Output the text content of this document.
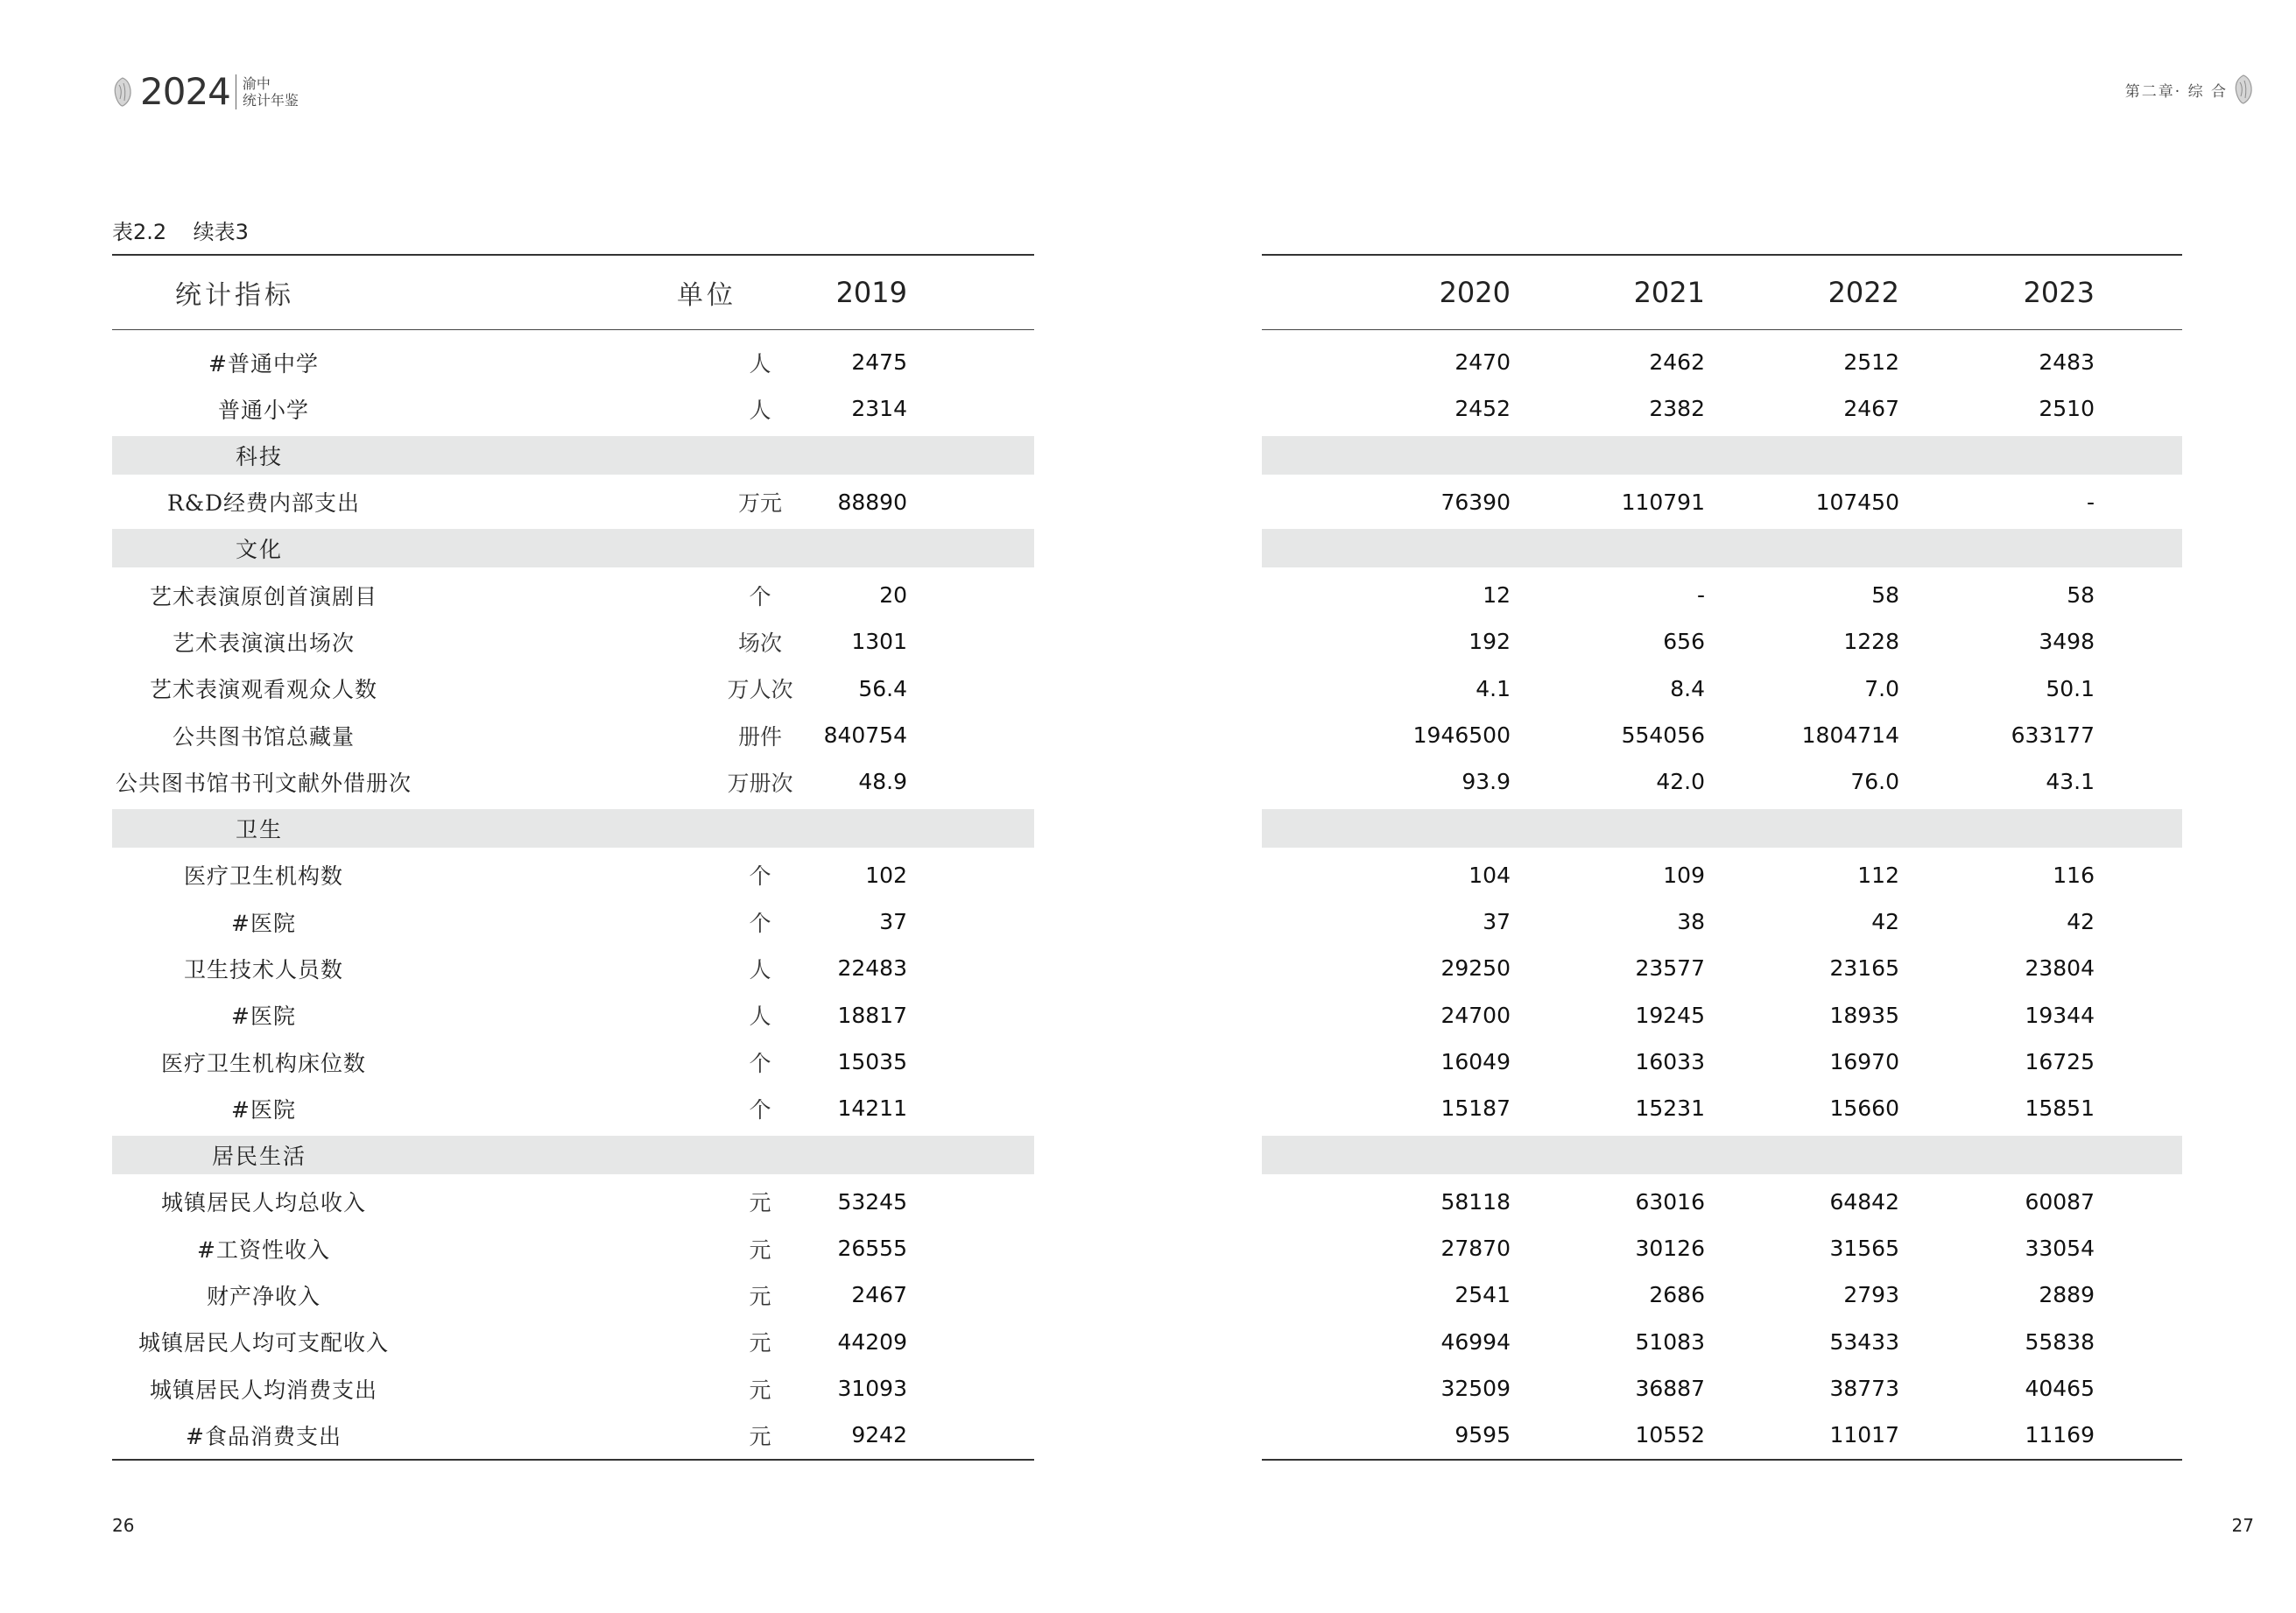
2024 渝中
统计年鉴
表2.2    续表3
统计指标	单位	2019
#普通中学	人	2475
普通小学	人	2314
科技
R&D经费内部支出	万元	88890
文化
艺术表演原创首演剧目	个	20
艺术表演演出场次	场次	1301
艺术表演观看观众人数	万人次	56.4
公共图书馆总藏量	册件	840754
公共图书馆书刊文献外借册次	万册次	48.9
卫生
医疗卫生机构数	个	102
#医院	个	37
卫生技术人员数	人	22483
#医院	人	18817
医疗卫生机构床位数	个	15035
#医院	个	14211
居民生活
城镇居民人均总收入	元	53245
#工资性收入	元	26555
财产净收入	元	2467
城镇居民人均可支配收入	元	44209
城镇居民人均消费支出	元	31093
#食品消费支出	元	9242
26
第二章· 综 合
2020	2021	2022	2023
2470	2462	2512	2483
2452	2382	2467	2510
76390	110791	107450	-
12	-	58	58
192	656	1228	3498
4.1	8.4	7.0	50.1
1946500	554056	1804714	633177
93.9	42.0	76.0	43.1
104	109	112	116
37	38	42	42
29250	23577	23165	23804
24700	19245	18935	19344
16049	16033	16970	16725
15187	15231	15660	15851
58118	63016	64842	60087
27870	30126	31565	33054
2541	2686	2793	2889
46994	51083	53433	55838
32509	36887	38773	40465
9595	10552	11017	11169
27
